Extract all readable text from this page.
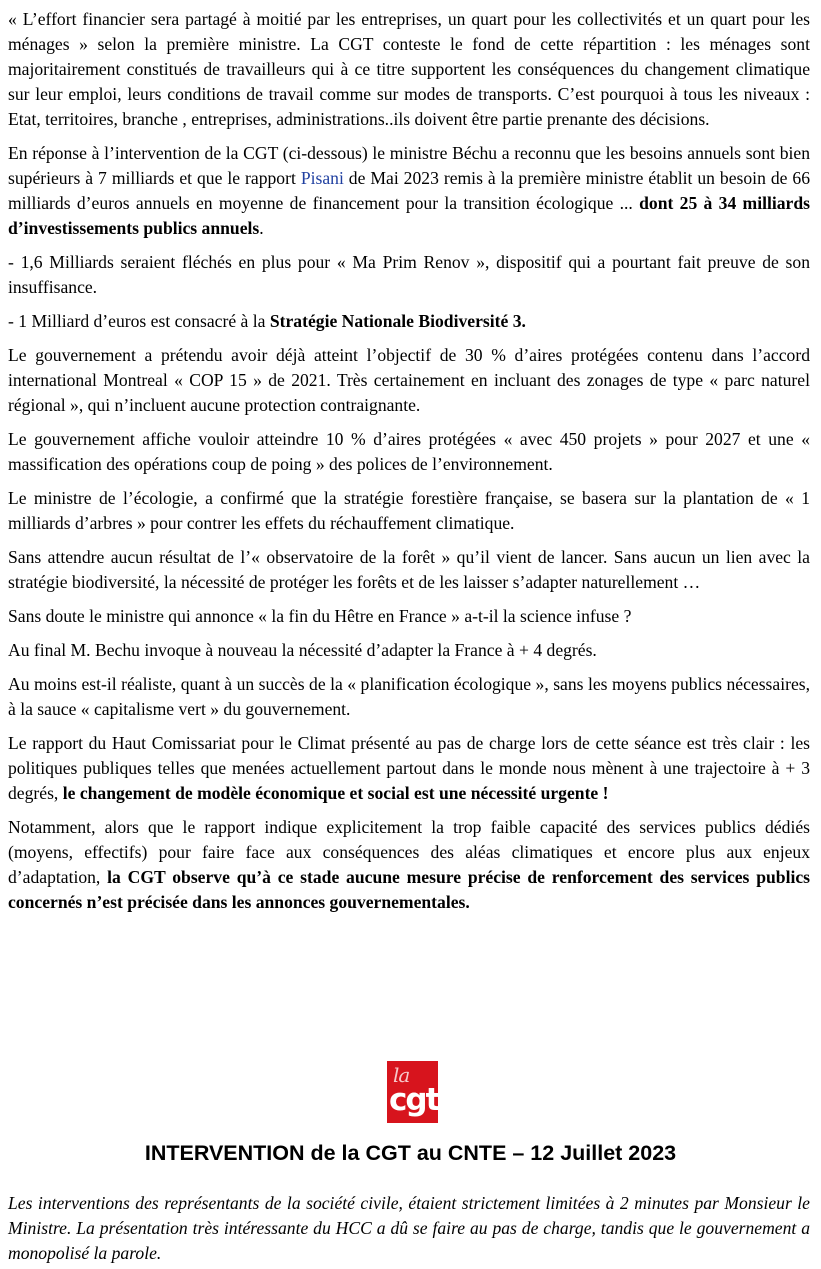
« L’effort financier sera partagé à moitié par les entreprises, un quart pour les collectivités et un quart pour les ménages » selon la première ministre. La CGT conteste le fond de cette répartition : les ménages sont majoritairement constitués de travailleurs qui à ce titre supportent les conséquences du changement climatique sur leur emploi, leurs conditions de travail comme sur modes de transports. C’est pourquoi à tous les niveaux : Etat, territoires, branche , entreprises, administrations..ils doivent être partie prenante des décisions.

En réponse à l’intervention de la CGT (ci-dessous) le ministre Béchu a reconnu que les besoins annuels sont bien supérieurs à 7 milliards et que le rapport Pisani de Mai 2023 remis à la première ministre établit un besoin de 66 milliards d’euros annuels en moyenne de financement pour la transition écologique ... dont 25 à 34 milliards d’investissements publics annuels.

- 1,6 Milliards seraient fléchés en plus pour « Ma Prim Renov », dispositif qui a pourtant fait preuve de son insuffisance.

- 1 Milliard d’euros est consacré à la Stratégie Nationale Biodiversité 3.

Le gouvernement a prétendu avoir déjà atteint l’objectif de 30 % d’aires protégées contenu dans l’accord international Montreal « COP 15 » de 2021. Très certainement en incluant des zonages de type « parc naturel régional », qui n’incluent aucune protection contraignante.

Le gouvernement affiche vouloir atteindre 10 % d’aires protégées « avec 450 projets » pour 2027 et une « massification des opérations coup de poing » des polices de l’environnement.

Le ministre de l’écologie, a confirmé que la stratégie forestière française, se basera sur la plantation de « 1 milliards d’arbres » pour contrer les effets du réchauffement climatique.

Sans attendre aucun résultat de l’« observatoire de la forêt » qu’il vient de lancer. Sans aucun un lien avec la stratégie biodiversité, la nécessité de protéger les forêts et de les laisser s’adapter naturellement …

Sans doute le ministre qui annonce « la fin du Hêtre en France » a-t-il la science infuse ?

Au final M. Bechu invoque à nouveau la nécessité d’adapter la France à + 4 degrés.

Au moins est-il réaliste, quant à un succès de la « planification écologique », sans les moyens publics nécessaires, à la sauce « capitalisme vert » du gouvernement.

Le rapport du Haut Comissariat pour le Climat présenté au pas de charge lors de cette séance est très clair : les politiques publiques telles que menées actuellement partout dans le monde nous mènent à une trajectoire à + 3 degrés, le changement de modèle économique et social est une nécessité urgente !

Notamment, alors que le rapport indique explicitement la trop faible capacité des services publics dédiés (moyens, effectifs) pour faire face aux conséquences des aléas climatiques et encore plus aux enjeux d’adaptation, la CGT observe qu’à ce stade aucune mesure précise de renforcement des services publics concernés n’est précisée dans les annonces gouvernementales.

la
cgt
INTERVENTION de la CGT au CNTE – 12 Juillet 2023

Les interventions des représentants de la société civile, étaient strictement limitées à 2 minutes par Monsieur le Ministre. La présentation très intéressante du HCC a dû se faire au pas de charge, tandis que le gouvernement a monopolisé la parole.
